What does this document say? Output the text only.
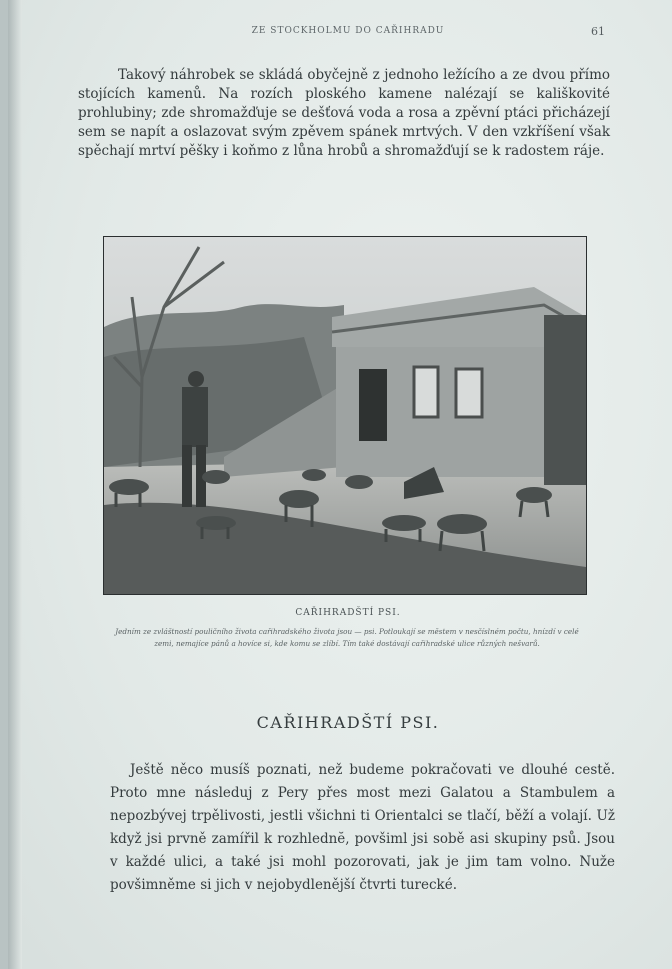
ZE STOCKHOLMU DO CAŘIHRADU	61

Takový náhrobek se skládá obyčejně z jednoho ležícího a ze dvou přímo stojících kamenů. Na rozích ploského kamene nalézají se kališkovité prohlubiny; zde shromažďuje se dešťová voda a rosa a zpěvní ptáci přicházejí sem se napít a oslazovat svým zpěvem spánek mrtvých. V den vzkříšení však spěchají mrtví pěšky i koňmo z lůna hrobů a shromažďují se k radostem ráje.

CAŘIHRADŠTÍ PSI.
Jedním ze zvláštností pouličního života cařihradského života jsou — psi. Potloukají se městem v nesčíslném počtu, hnízdí v celé zemi, nemajíce pánů a hovíce si, kde komu se zlíbí. Tím také dostávají cařihradské ulice různých nešvarů.
CAŘIHRADŠTÍ PSI.

Ještě něco musíš poznati, než budeme pokračovati ve dlouhé cestě. Proto mne následuj z Pery přes most mezi Galatou a Stambulem a nepozbývej trpělivosti, jestli všichni ti Orientalci se tlačí, běží a volají. Už když jsi prvně zamířil k rozhlednĕ, povšiml jsi sobě asi skupiny psů. Jsou v každé ulici, a také jsi mohl pozorovati, jak je jim tam volno. Nuže povšimněme si jich v nejobydlenější čtvrti turecké.
